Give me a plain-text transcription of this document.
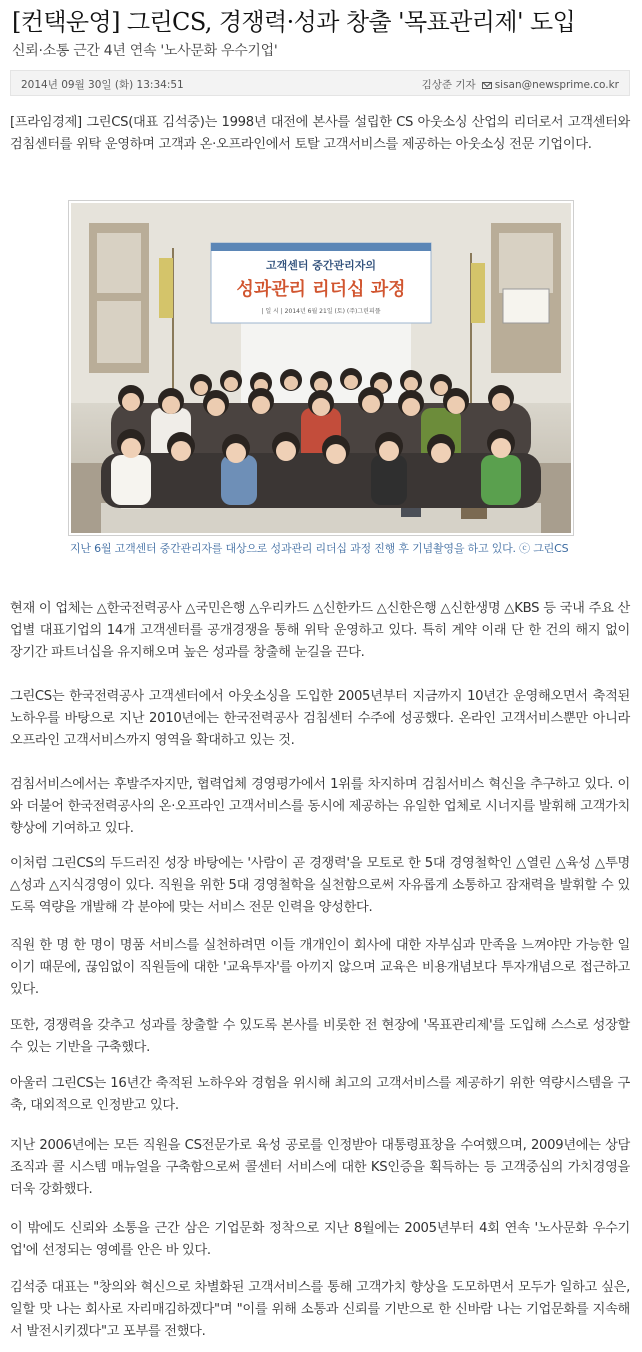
[컨택운영] 그린CS, 경쟁력·성과 창출 '목표관리제' 도입
신뢰·소통 근간 4년 연속 '노사문화 우수기업'
2014년 09월 30일 (화) 13:34:51	김상준 기자 sisan@newsprime.co.kr

[프라임경제] 그린CS(대표 김석중)는 1998년 대전에 본사를 설립한 CS 아웃소싱 산업의 리더로서 고객센터와 검침센터를 위탁 운영하며 고객과 온·오프라인에서 토탈 고객서비스를 제공하는 아웃소싱 전문 기업이다.

고객센터 중간관리자의
성과관리 리더십 과정
| 일 시 | 2014년 6월 21일 (토) (주)그린피플
지난 6월 고객센터 중간관리자를 대상으로 성과관리 리더십 과정 진행 후 기념촬영을 하고 있다. ⓒ 그린CS

현재 이 업체는 △한국전력공사 △국민은행 △우리카드 △신한카드 △신한은행 △신한생명 △KBS 등 국내 주요 산업별 대표기업의 14개 고객센터를 공개경쟁을 통해 위탁 운영하고 있다. 특히 계약 이래 단 한 건의 해지 없이 장기간 파트너십을 유지해오며 높은 성과를 창출해 눈길을 끈다.

그린CS는 한국전력공사 고객센터에서 아웃소싱을 도입한 2005년부터 지금까지 10년간 운영해오면서 축적된 노하우를 바탕으로 지난 2010년에는 한국전력공사 검침센터 수주에 성공했다. 온라인 고객서비스뿐만 아니라 오프라인 고객서비스까지 영역을 확대하고 있는 것.

검침서비스에서는 후발주자지만, 협력업체 경영평가에서 1위를 차지하며 검침서비스 혁신을 추구하고 있다. 이와 더불어 한국전력공사의 온·오프라인 고객서비스를 동시에 제공하는 유일한 업체로 시너지를 발휘해 고객가치 향상에 기여하고 있다.

이처럼 그린CS의 두드러진 성장 바탕에는 '사람이 곧 경쟁력'을 모토로 한 5대 경영철학인 △열린 △육성 △투명 △성과 △지식경영이 있다. 직원을 위한 5대 경영철학을 실천함으로써 자유롭게 소통하고 잠재력을 발휘할 수 있도록 역량을 개발해 각 분야에 맞는 서비스 전문 인력을 양성한다.

직원 한 명 한 명이 명품 서비스를 실천하려면 이들 개개인이 회사에 대한 자부심과 만족을 느껴야만 가능한 일이기 때문에, 끊임없이 직원들에 대한 '교육투자'를 아끼지 않으며 교육은 비용개념보다 투자개념으로 접근하고 있다.

또한, 경쟁력을 갖추고 성과를 창출할 수 있도록 본사를 비롯한 전 현장에 '목표관리제'를 도입해 스스로 성장할 수 있는 기반을 구축했다.

아울러 그린CS는 16년간 축적된 노하우와 경험을 위시해 최고의 고객서비스를 제공하기 위한 역량시스템을 구축, 대외적으로 인정받고 있다.

지난 2006년에는 모든 직원을 CS전문가로 육성 공로를 인정받아 대통령표창을 수여했으며, 2009년에는 상담 조직과 콜 시스템 매뉴얼을 구축함으로써 콜센터 서비스에 대한 KS인증을 획득하는 등 고객중심의 가치경영을 더욱 강화했다.

이 밖에도 신뢰와 소통을 근간 삼은 기업문화 정착으로 지난 8월에는 2005년부터 4회 연속 '노사문화 우수기업'에 선정되는 영예를 안은 바 있다.

김석중 대표는 "창의와 혁신으로 차별화된 고객서비스를 통해 고객가치 향상을 도모하면서 모두가 일하고 싶은, 일할 맛 나는 회사로 자리매김하겠다"며 "이를 위해 소통과 신뢰를 기반으로 한 신바람 나는 기업문화를 지속해서 발전시키겠다"고 포부를 전했다.
